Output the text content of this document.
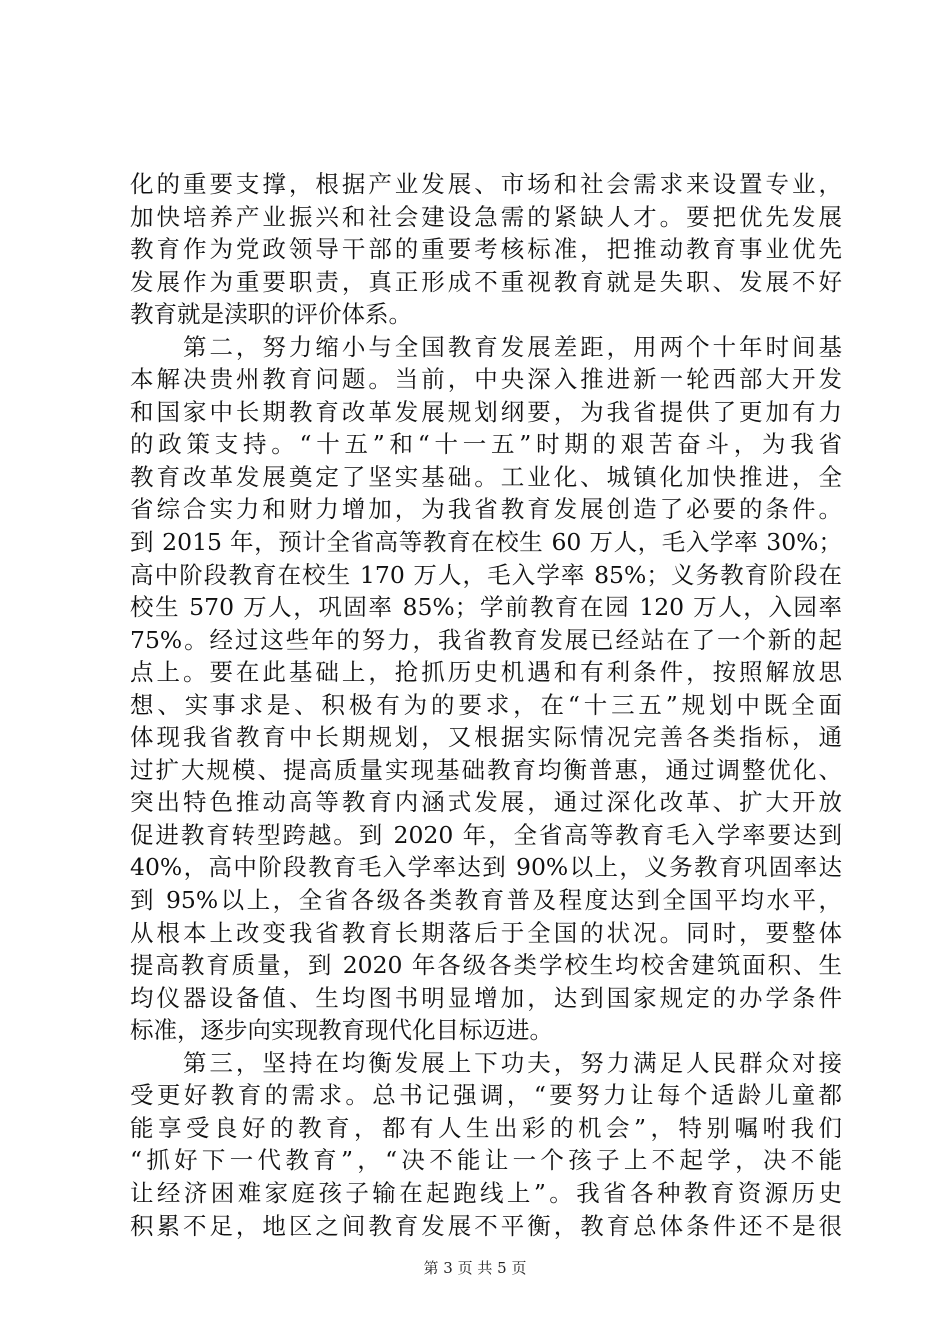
化的重要支撑，根据产业发展、市场和社会需求来设置专业，
加快培养产业振兴和社会建设急需的紧缺人才。要把优先发展
教育作为党政领导干部的重要考核标准，把推动教育事业优先
发展作为重要职责，真正形成不重视教育就是失职、发展不好
教育就是渎职的评价体系。
　　第二，努力缩小与全国教育发展差距，用两个十年时间基
本解决贵州教育问题。当前，中央深入推进新一轮西部大开发
和国家中长期教育改革发展规划纲要，为我省提供了更加有力
的政策支持。“十五”和“十一五”时期的艰苦奋斗，为我省
教育改革发展奠定了坚实基础。工业化、城镇化加快推进，全
省综合实力和财力增加，为我省教育发展创造了必要的条件。
到 2015 年，预计全省高等教育在校生 60 万人，毛入学率 30%；
高中阶段教育在校生 170 万人，毛入学率 85%；义务教育阶段在
校生 570 万人，巩固率 85%；学前教育在园 120 万人，入园率
75%。经过这些年的努力，我省教育发展已经站在了一个新的起
点上。要在此基础上，抢抓历史机遇和有利条件，按照解放思
想、实事求是、积极有为的要求，在“十三五”规划中既全面
体现我省教育中长期规划，又根据实际情况完善各类指标，通
过扩大规模、提高质量实现基础教育均衡普惠，通过调整优化、
突出特色推动高等教育内涵式发展，通过深化改革、扩大开放
促进教育转型跨越。到 2020 年，全省高等教育毛入学率要达到
40%，高中阶段教育毛入学率达到 90%以上，义务教育巩固率达
到 95%以上，全省各级各类教育普及程度达到全国平均水平，
从根本上改变我省教育长期落后于全国的状况。同时，要整体
提高教育质量，到 2020 年各级各类学校生均校舍建筑面积、生
均仪器设备值、生均图书明显增加，达到国家规定的办学条件
标准，逐步向实现教育现代化目标迈进。
　　第三，坚持在均衡发展上下功夫，努力满足人民群众对接
受更好教育的需求。总书记强调，“要努力让每个适龄儿童都
能享受良好的教育，都有人生出彩的机会”，特别嘱咐我们
“抓好下一代教育”，“决不能让一个孩子上不起学，决不能
让经济困难家庭孩子输在起跑线上”。我省各种教育资源历史
积累不足，地区之间教育发展不平衡，教育总体条件还不是很
第 3 页 共 5 页
